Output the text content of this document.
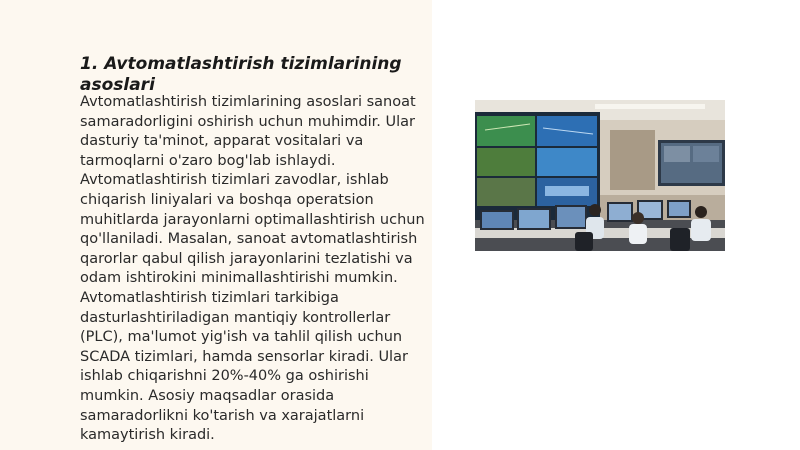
1. Avtomatlashtirish tizimlarining asoslari

Avtomatlashtirish tizimlarining asoslari sanoat samaradorligini oshirish uchun muhimdir. Ular dasturiy ta'minot, apparat vositalari va tarmoqlarni o'zaro bog'lab ishlaydi. Avtomatlashtirish tizimlari zavodlar, ishlab chiqarish liniyalari va boshqa operatsion muhitlarda jarayonlarni optimallashtirish uchun qo'llaniladi. Masalan, sanoat avtomatlashtirish qarorlar qabul qilish jarayonlarini tezlatishi va odam ishtirokini minimallashtirishi mumkin. Avtomatlashtirish tizimlari tarkibiga dasturlashtiriladigan mantiqiy kontrollerlar (PLC), ma'lumot yig'ish va tahlil qilish uchun SCADA tizimlari, hamda sensorlar kiradi. Ular ishlab chiqarishni 20%-40% ga oshirishi mumkin. Asosiy maqsadlar orasida samaradorlikni ko'tarish va xarajatlarni kamaytirish kiradi.
